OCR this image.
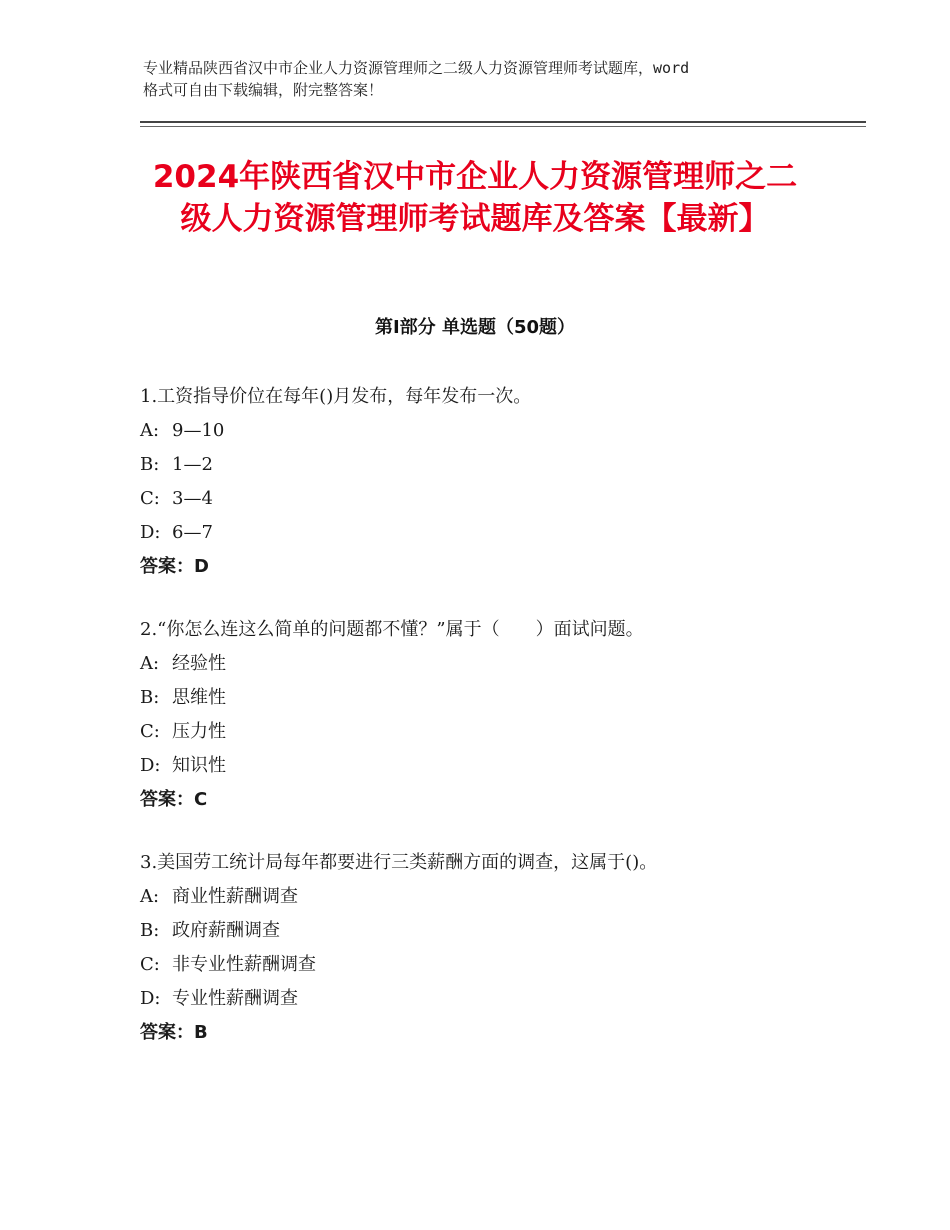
专业精品陕西省汉中市企业人力资源管理师之二级人力资源管理师考试题库，word
格式可自由下载编辑，附完整答案！
2024年陕西省汉中市企业人力资源管理师之二级人力资源管理师考试题库及答案【最新】
第Ⅰ部分 单选题（50题）
1.工资指导价位在每年()月发布，每年发布一次。
A: 9—10
B: 1—2
C: 3—4
D: 6—7
答案：D
2.“你怎么连这么简单的问题都不懂？”属于（　　）面试问题。
A: 经验性
B: 思维性
C: 压力性
D: 知识性
答案：C
3.美国劳工统计局每年都要进行三类薪酬方面的调查，这属于()。
A: 商业性薪酬调查
B: 政府薪酬调查
C: 非专业性薪酬调查
D: 专业性薪酬调查
答案：B
